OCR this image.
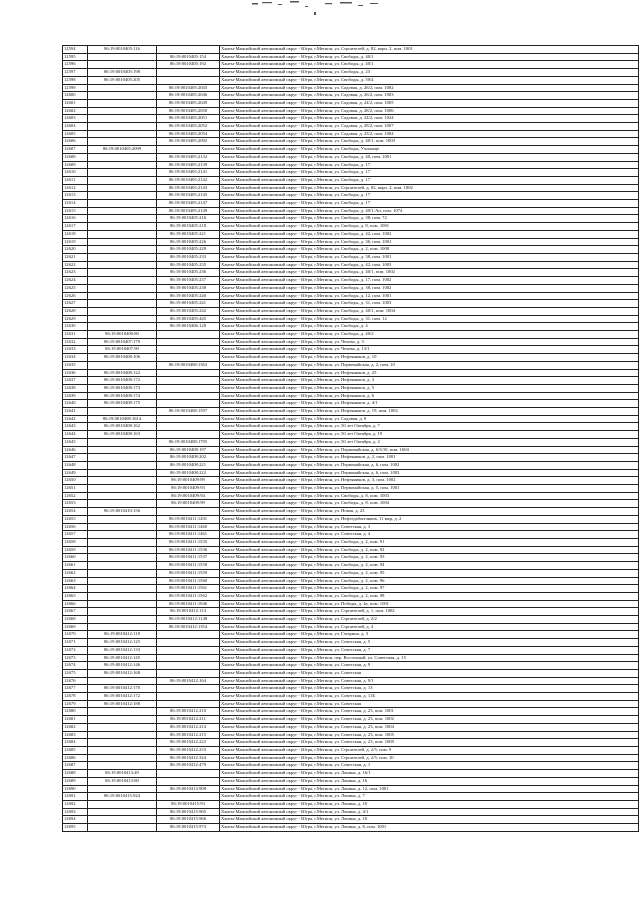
12594	86:19:0010405:116		Ханты-Мансийский автономный округ - Югра, г.Мегион, ул. Строителей, д. 82, корп. 2, пом. 1001
12595		86:19:0010405:154	Ханты-Мансийский автономный округ - Югра, г.Мегион, ул. Свободы, д. 40/1
12596		86:19:0010405:192	Ханты-Мансийский автономный округ - Югра, г.Мегион, ул. Свободы, д. 40/1
12597	86:19:0010405:198		Ханты-Мансийский автономный округ - Югра, г.Мегион, ул. Свободы, д. 23
12598	86:19:0010405:205		Ханты-Мансийский автономный округ - Югра, г.Мегион, ул. Свободы, д. 50/4
12599		86:19:0010405:2045	Ханты-Мансийский автономный округ - Югра, г.Мегион, ул. Садовая, д. 26/2, пом. 1002
12600		86:19:0010405:2046	Ханты-Мансийский автономный округ - Югра, г.Мегион, ул. Садовая, д. 26/2, пом. 1003
12601		86:19:0010405:2049	Ханты-Мансийский автономный округ - Югра, г.Мегион, ул. Садовая, д. 24/2, пом. 1005
12602		86:19:0010405:2050	Ханты-Мансийский автономный округ - Югра, г.Мегион, ул. Садовая, д. 28/2, пом. 1006
12603		86:19:0010405:2051	Ханты-Мансийский автономный округ - Югра, г.Мегион, ул. Садовая, д. 24/2, пом. 1024
12604		86:19:0010405:2052	Ханты-Мансийский автономный округ - Югра, г.Мегион, ул. Садовая, д. 28/2, пом. 1007
12605		86:19:0010405:2054	Ханты-Мансийский автономный округ - Югра, г.Мегион, ул. Садовая, д. 23/2, пом. 1004
12606		86:19:0010405:2092	Ханты-Мансийский автономный округ - Югра, г.Мегион, ул. Свободы, д. 40/1, пом. 1003
12607	86:19:0010405:2099		Ханты-Мансийский автономный округ - Югра, г.Мегион, ул. Свободы, Училище
12608		86:19:0010405:2132	Ханты-Мансийский автономный округ - Югра, г.Мегион, ул. Свободы, д. 40, пом. 1001
12609		86:19:0010405:2139	Ханты-Мансийский автономный округ - Югра, г.Мегион, ул. Свободы, д. 17
12610		86:19:0010405:2141	Ханты-Мансийский автономный округ - Югра, г.Мегион, ул. Свободы, д. 17
12611		86:19:0010405:2142	Ханты-Мансийский автономный округ - Югра, г.Мегион, ул. Свободы, д. 17
12612		86:19:0010405:2143	Ханты-Мансийский автономный округ - Югра, г.Мегион, ул. Строителей, д. 82, корп. 2, пом. 1002
12613		86:19:0010405:2145	Ханты-Мансийский автономный округ - Югра, г.Мегион, ул. Свободы, д. 17
12614		86:19:0010405:2147	Ханты-Мансийский автономный округ - Югра, г.Мегион, ул. Свободы, д. 17
12615		86:19:0010405:2149	Ханты-Мансийский автономный округ - Югра, г.Мегион, ул. Свободы, д. 40/1-Ап, пом. 1074
12616		86:19:0010405:216	Ханты-Мансийский автономный округ - Югра, г.Мегион, ул. Свободы, д. 38, пом. 72
12617		86:19:0010405:218	Ханты-Мансийский автономный округ - Югра, г.Мегион, ул. Свободы, д. 8, пом. 1001
12618		86:19:0010405:221	Ханты-Мансийский автономный округ - Югра, г.Мегион, ул. Свободы, д. 42, пом. 1002
12619		86:19:0010405:226	Ханты-Мансийский автономный округ - Югра, г.Мегион, ул. Свободы, д. 36, пом. 1001
12620		86:19:0010405:228	Ханты-Мансийский автономный округ - Югра, г.Мегион, ул. Свободы, д. 2, пом. 1008
12621		86:19:0010405:233	Ханты-Мансийский автономный округ - Югра, г.Мегион, ул. Свободы, д. 38, пом. 1001
12622		86:19:0010405:235	Ханты-Мансийский автономный округ - Югра, г.Мегион, ул. Свободы, д. 42, пом. 1003
12623		86:19:0010405:236	Ханты-Мансийский автономный округ - Югра, г.Мегион, ул. Свободы, д. 40/1, пом. 1002
12624		86:19:0010405:237	Ханты-Мансийский автономный округ - Югра, г.Мегион, ул. Свободы, д. 17, пом. 1002
12625		86:19:0010405:238	Ханты-Мансийский автономный округ - Югра, г.Мегион, ул. Свободы, д. 38, пом. 1002
12626		86:19:0010405:240	Ханты-Мансийский автономный округ - Югра, г.Мегион, ул. Свободы, д. 12, пом. 1001
12627		86:19:0010405:241	Ханты-Мансийский автономный округ - Югра, г.Мегион, ул. Свободы, д. 31, пом. 1003
12628		86:19:0010405:242	Ханты-Мансийский автономный округ - Югра, г.Мегион, ул. Свободы, д. 40/1, пом. 1004
12629		86:19:0010405:445	Ханты-Мансийский автономный округ - Югра, г.Мегион, ул. Свободы, д. 31, пом. 12
12630		86:19:0010406:128	Ханты-Мансийский автономный округ - Югра, г.Мегион, ул. Свободы, д. 4
12631	86:19:0010406:80		Ханты-Мансийский автономный округ - Югра, г.Мегион, ул. Свободы, д. 40/2
12632	86:19:0010407:179		Ханты-Мансийский автономный округ - Югра, г.Мегион, ул. Чехова, д. 3
12633	86:19:0010407:90		Ханты-Мансийский автономный округ - Югра, г.Мегион, ул. Чехова, д. 13/1
12634	86:19:0010408:106		Ханты-Мансийский автономный округ - Югра, г.Мегион, ул. Нефтяников, д. 10
12635		86:19:0010408:1363	Ханты-Мансийский автономный округ - Югра, г.Мегион, ул. Первомайская, д. 2, пом. 10
12636	86:19:0010408:122		Ханты-Мансийский автономный округ - Югра, г.Мегион, ул. Нефтяников, д. 25
12637	86:19:0010408:172		Ханты-Мансийский автономный округ - Югра, г.Мегион, ул. Нефтяников, д. 3
12638	86:19:0010408:173		Ханты-Мансийский автономный округ - Югра, г.Мегион, ул. Нефтяников, д. 5
12639	86:19:0010408:174		Ханты-Мансийский автономный округ - Югра, г.Мегион, ул. Нефтяников, д. 6
12640	86:19:0010408:175		Ханты-Мансийский автономный округ - Югра, г.Мегион, ул. Нефтяников, д. 4/1
12641		86:19:0010408:1597	Ханты-Мансийский автономный округ - Югра, г.Мегион, ул. Нефтяников, д. 19, пом. 1002
12642	86:19:0010408:1614		Ханты-Мансийский автономный округ - Югра, г.Мегион, ул. Садовая, д. 8
12643	86:19:0010408:162		Ханты-Мансийский автономный округ - Югра, г.Мегион, ул. 50 лет Октября, д. 7
12644	86:19:0010408:163		Ханты-Мансийский автономный округ - Югра, г.Мегион, ул. 50 лет Октября, д. 19
12645		86:19:0010408:1795	Ханты-Мансийский автономный округ - Югра, г.Мегион, ул. 50 лет Октября, д. 2
12646		86:19:0010408:197	Ханты-Мансийский автономный округ - Югра, г.Мегион, ул. Первомайская, д. 6/3/10, пом. 1604
12647		86:19:0010408:202	Ханты-Мансийский автономный округ - Югра, г.Мегион, ул. Нефтяников, д. 2, пом. 1001
12648		86:19:0010408:221	Ханты-Мансийский автономный округ - Югра, г.Мегион, ул. Первомайская, д. 6, пом. 1002
12649		86:19:0010408:222	Ханты-Мансийский автономный округ - Югра, г.Мегион, ул. Первомайская, д. 6, пом. 1003
12650		86:19:0010409:89	Ханты-Мансийский автономный округ - Югра, г.Мегион, ул. Нефтяников, д. 3, пом. 1002
12651		86:19:0010409:93	Ханты-Мансийский автономный округ - Югра, г.Мегион, ул. Первомайская, д. 5, пом. 1001
12652		86:19:0010409:94	Ханты-Мансийский автономный округ - Югра, г.Мегион, ул. Свободы, д. 8, пом. 1003
12653		86:19:0010409:99	Ханты-Мансийский автономный округ - Югра, г.Мегион, ул. Свободы, д. 8, пом. 1004
12654	86:19:0010410:156		Ханты-Мансийский автономный округ - Югра, г.Мегион, ул. Новая, д. 23
12655		86:19:0010411:1201	Ханты-Мансийский автономный округ - Югра, г.Мегион, ул. Нефтедобытчиков, 11 мкр, д. 2
12656		86:19:0010411:1460	Ханты-Мансийский автономный округ - Югра, г.Мегион, ул. Советская, д. 3
12657		86:19:0010411:1461	Ханты-Мансийский автономный округ - Югра, г.Мегион, ул. Советская, д. 4
12658		86:19:0010411:1535	Ханты-Мансийский автономный округ - Югра, г.Мегион, ул. Свободы, д. 2, пом. 91
12659		86:19:0010411:1536	Ханты-Мансийский автономный округ - Югра, г.Мегион, ул. Свободы, д. 2, пом. 92
12660		86:19:0010411:1537	Ханты-Мансийский автономный округ - Югра, г.Мегион, ул. Свободы, д. 2, пом. 93
12661		86:19:0010411:1558	Ханты-Мансийский автономный округ - Югра, г.Мегион, ул. Свободы, д. 2, пом. 94
12662		86:19:0010411:1559	Ханты-Мансийский автономный округ - Югра, г.Мегион, ул. Свободы, д. 2, пом. 95
12663		86:19:0010411:1560	Ханты-Мансийский автономный округ - Югра, г.Мегион, ул. Свободы, д. 2, пом. 96
12664		86:19:0010411:1561	Ханты-Мансийский автономный округ - Югра, г.Мегион, ул. Свободы, д. 2, пом. 97
12665		86:19:0010411:1562	Ханты-Мансийский автономный округ - Югра, г.Мегион, ул. Свободы, д. 2, пом. 98
12666		86:19:0010411:1046	Ханты-Мансийский автономный округ - Югра, г.Мегион, ул. Победы, д. 4а, пом. 1001
12667		86:19:0010412:114	Ханты-Мансийский автономный округ - Югра, г.Мегион, ул. Строителей, д. 1, пом. 1002
12668		86:19:0010412:1148	Ханты-Мансийский автономный округ - Югра, г.Мегион, ул. Строителей, д. 2/2
12669		86:19:0010412:1354	Ханты-Мансийский автономный округ - Югра, г.Мегион, ул. Строителей, д. 4
12670	86:19:0010412:118		Ханты-Мансийский автономный округ - Югра, г.Мегион, ул. Гагарина, д. 3
12671	86:19:0010412:125		Ханты-Мансийский автономный округ - Югра, г.Мегион, ул. Советская, д. 5
12672	86:19:0010412:133		Ханты-Мансийский автономный округ - Югра, г.Мегион, ул. Советская, д. 7
12673	86:19:0010412:145		Ханты-Мансийский автономный округ - Югра, г.Мегион, пер. Восточный, ул. Советская, д. 15
12674	86:19:0010412:146		Ханты-Мансийский автономный округ - Югра, г.Мегион, ул. Советская, д. 9
12675	86:19:0010412:168		Ханты-Мансийский автономный округ - Югра, г.Мегион, ул. Советская
12676		86:19:0010412:164	Ханты-Мансийский автономный округ - Югра, г.Мегион, ул. Советская, д. 9/1
12677	86:19:0010412:170		Ханты-Мансийский автономный округ - Югра, г.Мегион, ул. Советская, д. 13
12678	86:19:0010412:172		Ханты-Мансийский автономный округ - Югра, г.Мегион, ул. Советская, д. 11Б
12679	86:19:0010412:188		Ханты-Мансийский автономный округ - Югра, г.Мегион, ул. Советская
12680		86:19:0010412:210	Ханты-Мансийский автономный округ - Югра, г.Мегион, ул. Советская, д. 23, пом. 1001
12681		86:19:0010412:211	Ханты-Мансийский автономный округ - Югра, г.Мегион, ул. Советская, д. 23, пом. 1002
12682		86:19:0010412:214	Ханты-Мансийский автономный округ - Югра, г.Мегион, ул. Советская, д. 23, пом. 1004
12683		86:19:0010412:215	Ханты-Мансийский автономный округ - Югра, г.Мегион, ул. Советская, д. 23, пом. 1005
12684		86:19:0010412:222	Ханты-Мансийский автономный округ - Югра, г.Мегион, ул. Советская, д. 23, пом. 1009
12685		86:19:0010412:233	Ханты-Мансийский автономный округ - Югра, г.Мегион, ул. Строителей, д. 2/5, пом. 9
12686		86:19:0010412:324	Ханты-Мансийский автономный округ - Югра, г.Мегион, ул. Строителей, д. 2/5, пом. 10
12687		86:19:0010412:479	Ханты-Мансийский автономный округ - Югра, г.Мегион, ул. Советская, д. 1
12688	86:19:0010413:49		Ханты-Мансийский автономный округ - Югра, г.Мегион, ул. Ленина, д. 16/1
12689	86:19:0010413:80		Ханты-Мансийский автономный округ - Югра, г.Мегион, ул. Ленина, д. 16
12690		86:19:0010413:908	Ханты-Мансийский автономный округ - Югра, г.Мегион, ул. Ленина, д. 12, пом. 1001
12691	86:19:0010415:924		Ханты-Мансийский автономный округ - Югра, г.Мегион, ул. Ленина, д. 7
12692		86:19:0010415:93	Ханты-Мансийский автономный округ - Югра, г.Мегион, ул. Ленина, д. 10
12693		86:19:0010415:965	Ханты-Мансийский автономный округ - Югра, г.Мегион, ул. Ленина, д. 4/1
12694		86:19:0010415:966	Ханты-Мансийский автономный округ - Югра, г.Мегион, ул. Ленина, д. 10
12695		86:19:0010415:973	Ханты-Мансийский автономный округ - Югра, г.Мегион, ул. Ленина, д. 8, пом. 1001
